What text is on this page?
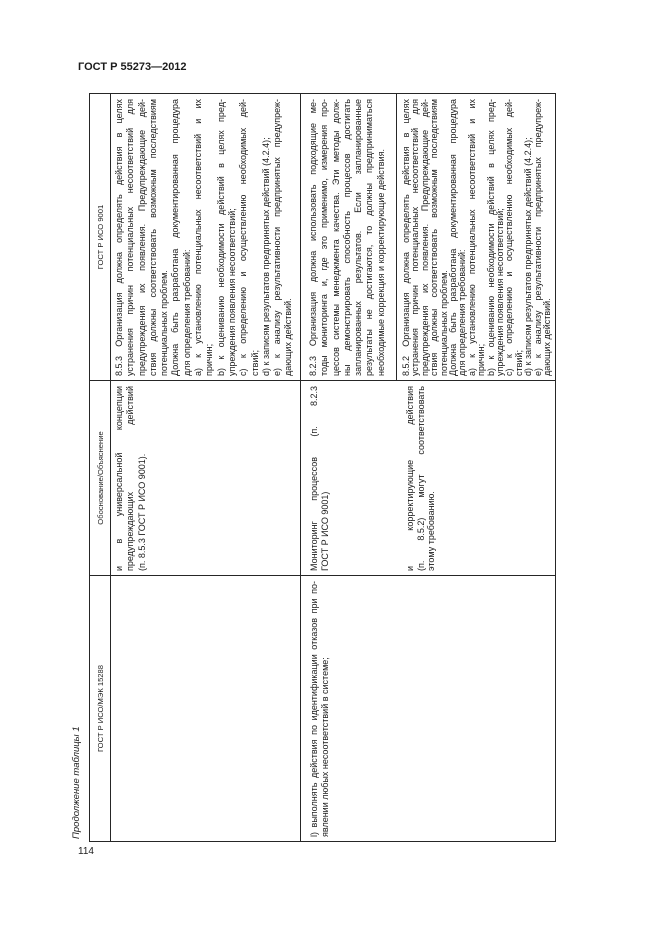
ГОСТ Р 55273—2012
Продолжение таблицы 1
ГОСТ Р ИСО/МЭК 15288
Обоснование/Объяснение
ГОСТ Р ИСО 9001
и в универсальной концепции предупреждающих действий (п. 8.5.3 ГОСТ Р ИСО 9001).
8.5.3 Организация должна определять действия в целях устранения причин потенциальных несоответствий для предупреждения их появления. Предупреждающие дей- ствия должны соответствовать возможным последствиям потенциальных проблем. Должна быть разработана документированная процедура для определения требований: a) к установлению потенциальных несоответствий и их причин; b) к оцениванию необходимости действий в целях пред- упреждения появления несоответствий; c) к определению и осуществлению необходимых дей- ствий; d) к записям результатов предпринятых действий (4.2.4); e) к анализу результативности предпринятых предупреж- дающих действий.
l) выполнять действия по идентификации отказов при по- явлении любых несоответствий в системе;
Мониторинг процессов (п. 8.2.3 ГОСТ Р ИСО 9001)
8.2.3 Организация должна использовать подходящие ме- тоды мониторинга и, где это применимо, измерения про- цессов системы менеджмента качества. Эти методы долж- ны демонстрировать способность процессов достигать запланированных результатов. Если запланированные результаты не достигаются, то должны предприниматься необходимые коррекция и корректирующие действия.
и корректирующие действия (п. 8.5.2) могут соответствовать этому требованию.
8.5.2 Организация должна определять действия в целях устранения причин потенциальных несоответствий для предупреждения их появления. Предупреждающие дей- ствия должны соответствовать возможным последствиям потенциальных проблем. Должна быть разработана документированная процедура для определения требований: a) к установлению потенциальных несоответствий и их причин; b) к оцениванию необходимости действий в целях пред- упреждения появления несоответствий; c) к определению и осуществлению необходимых дей- ствий; d) к записям результатов предпринятых действий (4.2.4); e) к анализу результативности предпринятых предупреж- дающих действий.
114
